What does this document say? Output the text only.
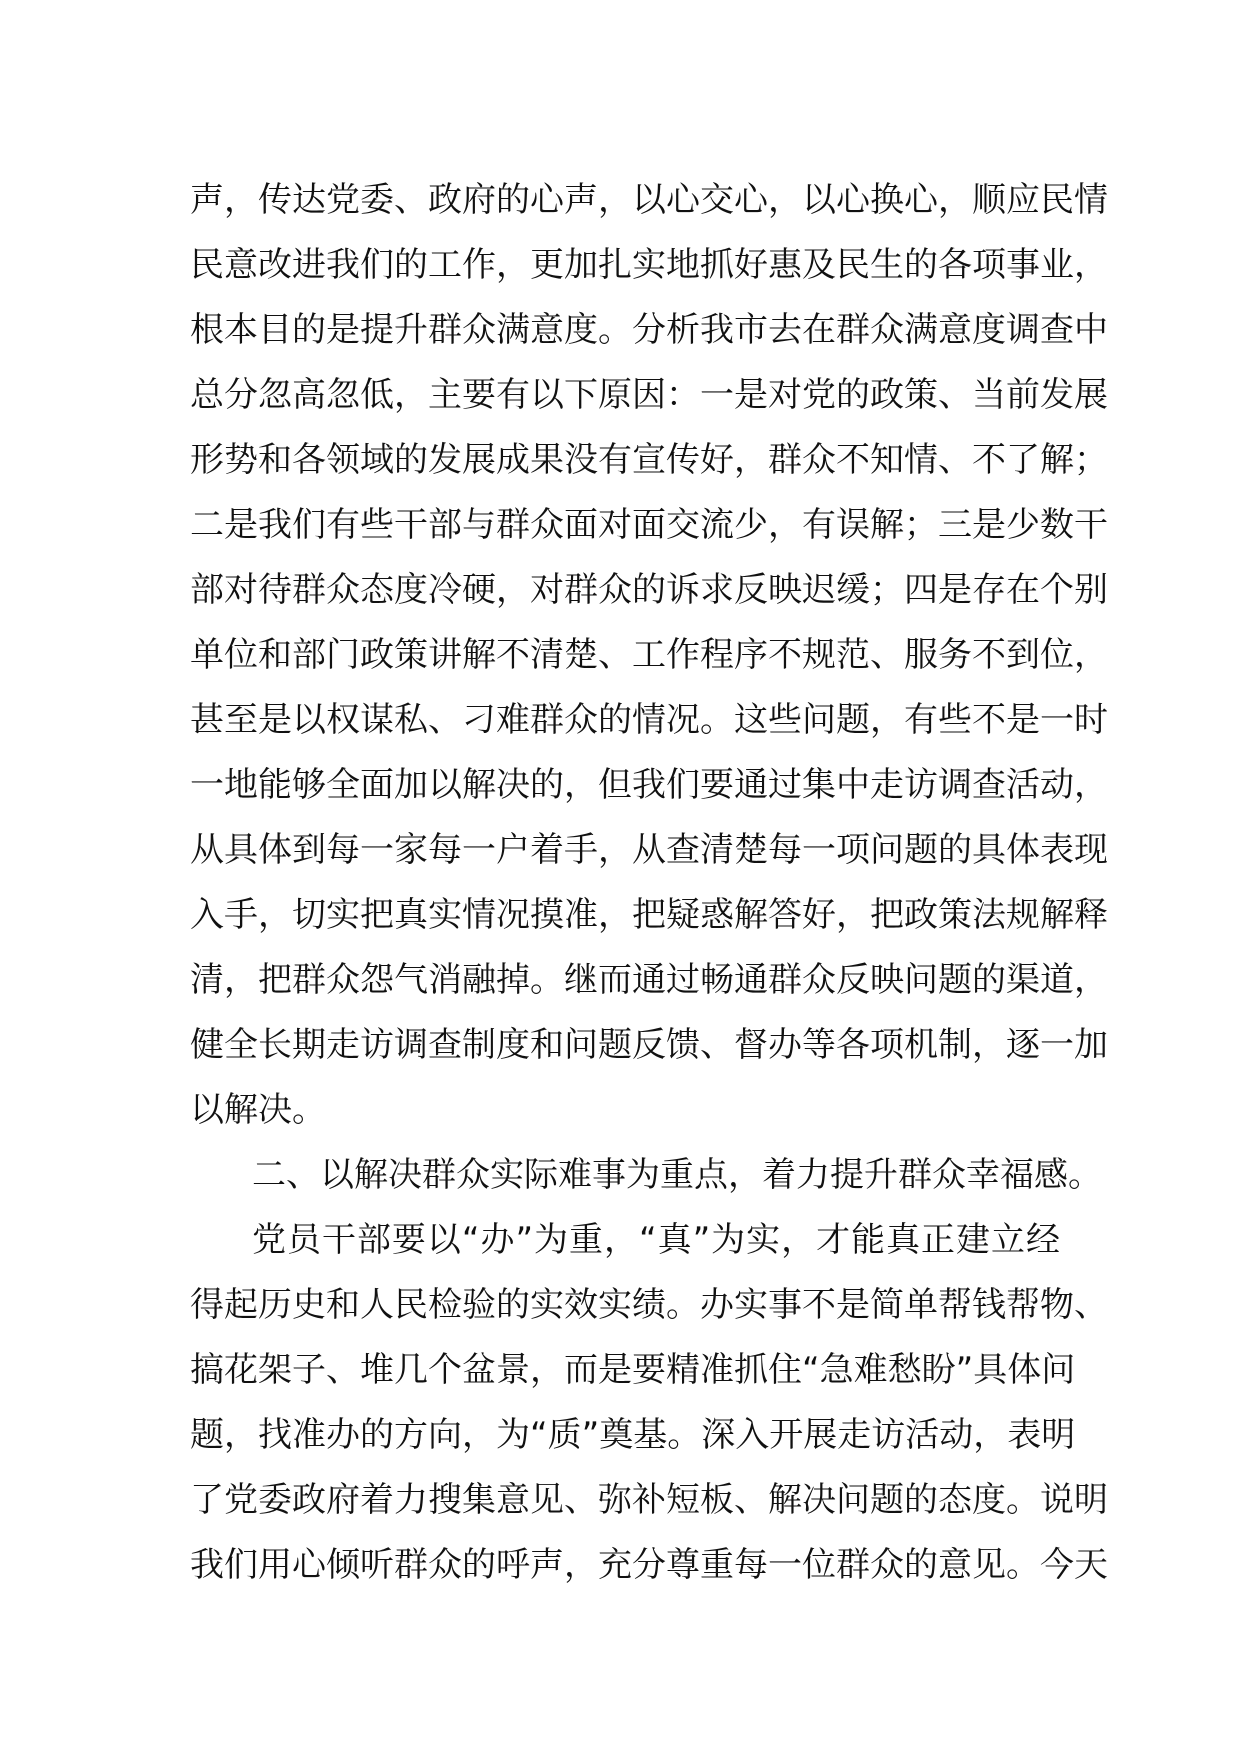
声，传达党委、政府的心声，以心交心，以心换心，顺应民情
民意改进我们的工作，更加扎实地抓好惠及民生的各项事业，
根本目的是提升群众满意度。分析我市去在群众满意度调查中
总分忽高忽低，主要有以下原因：一是对党的政策、当前发展
形势和各领域的发展成果没有宣传好，群众不知情、不了解；
二是我们有些干部与群众面对面交流少，有误解；三是少数干
部对待群众态度冷硬，对群众的诉求反映迟缓；四是存在个别
单位和部门政策讲解不清楚、工作程序不规范、服务不到位，
甚至是以权谋私、刁难群众的情况。这些问题，有些不是一时
一地能够全面加以解决的，但我们要通过集中走访调查活动，
从具体到每一家每一户着手，从查清楚每一项问题的具体表现
入手，切实把真实情况摸准，把疑惑解答好，把政策法规解释
清，把群众怨气消融掉。继而通过畅通群众反映问题的渠道，
健全长期走访调查制度和问题反馈、督办等各项机制，逐一加
以解决。
二、以解决群众实际难事为重点，着力提升群众幸福感。
党员干部要以“办”为重，“真”为实，才能真正建立经
得起历史和人民检验的实效实绩。办实事不是简单帮钱帮物、
搞花架子、堆几个盆景，而是要精准抓住“急难愁盼”具体问
题，找准办的方向，为“质”奠基。深入开展走访活动，表明
了党委政府着力搜集意见、弥补短板、解决问题的态度。说明
我们用心倾听群众的呼声，充分尊重每一位群众的意见。今天
